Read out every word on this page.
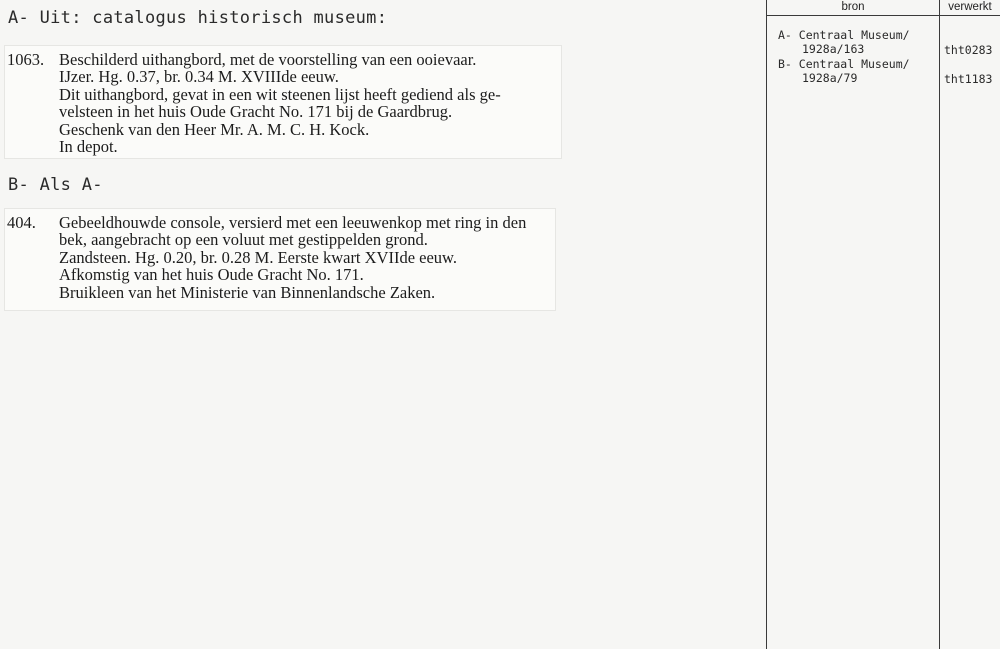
A- Uit: catalogus historisch museum:
1063. Beschilderd uithangbord, met de voorstelling van een ooievaar.
IJzer. Hg. 0.37, br. 0.34 M. XVIIIde eeuw.
Dit uithangbord, gevat in een wit steenen lijst heeft gediend als ge-
velsteen in het huis Oude Gracht No. 171 bij de Gaardbrug.
Geschenk van den Heer Mr. A. M. C. H. Kock.
In depot.
B- Als A-
404. Gebeeldhouwde console, versierd met een leeuwenkop met ring in den
bek, aangebracht op een voluut met gestippelden grond.
Zandsteen. Hg. 0.20, br. 0.28 M. Eerste kwart XVIIde eeuw.
Afkomstig van het huis Oude Gracht No. 171.
Bruikleen van het Ministerie van Binnenlandsche Zaken.
bron	verwerkt
A- Centraal Museum/
1928a/163	tht0283
B- Centraal Museum/
1928a/79	tht1183
